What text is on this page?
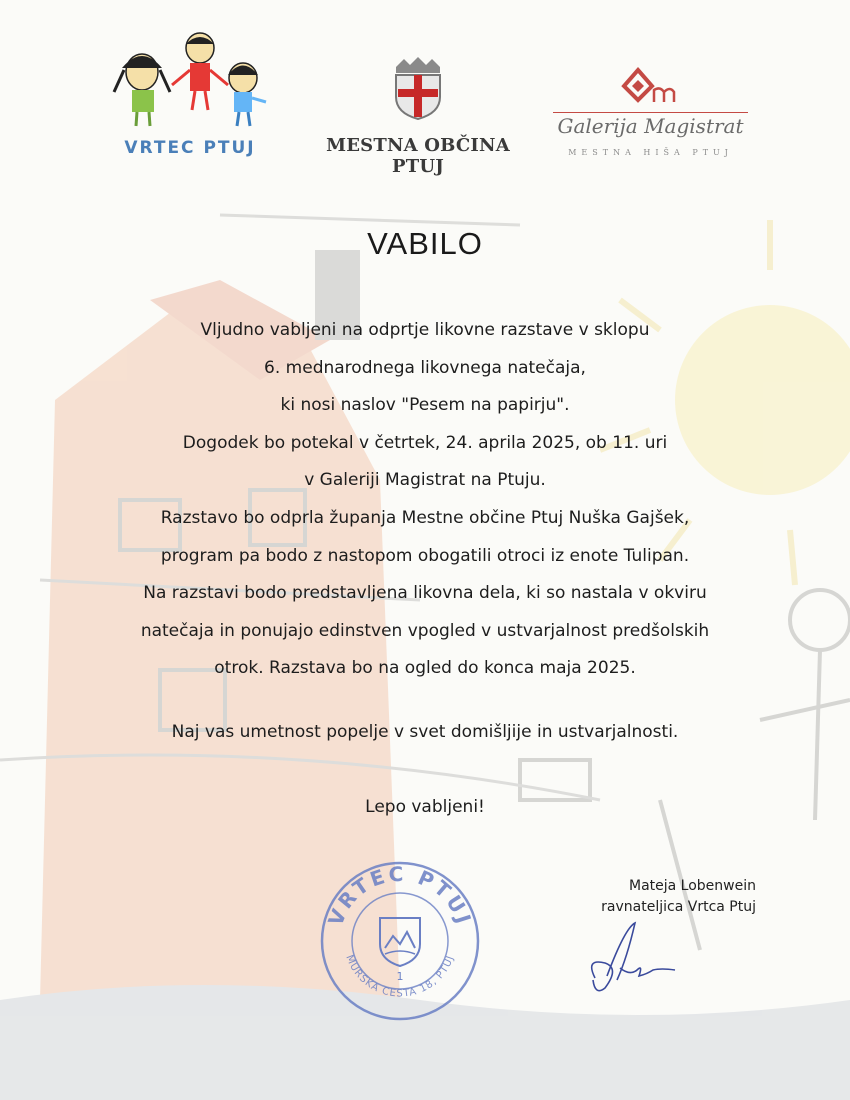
VRTEC PTUJ	MESTNA OBČINA PTUJ
Galerija Magistrat
MESTNA HIŠA PTUJ
VABILO

Vljudno vabljeni na odprtje likovne razstave v sklopu

6. mednarodnega likovnega natečaja,

ki nosi naslov "Pesem na papirju".

Dogodek bo potekal v četrtek, 24. aprila 2025, ob 11. uri

v Galeriji Magistrat na Ptuju.

Razstavo bo odprla županja Mestne občine Ptuj Nuška Gajšek,

program pa bodo z nastopom obogatili otroci iz enote Tulipan.

Na razstavi bodo predstavljena likovna dela, ki so nastala v okviru

natečaja in ponujajo edinstven vpogled v ustvarjalnost predšolskih

otrok. Razstava bo na ogled do konca maja 2025.

Naj vas umetnost popelje v svet domišljije in ustvarjalnosti.
Lepo vabljeni!
Mateja Lobenwein
ravnateljica Vrtca Ptuj
VRTEC PTUJ
MURSKA CESTA 18, PTUJ
1
